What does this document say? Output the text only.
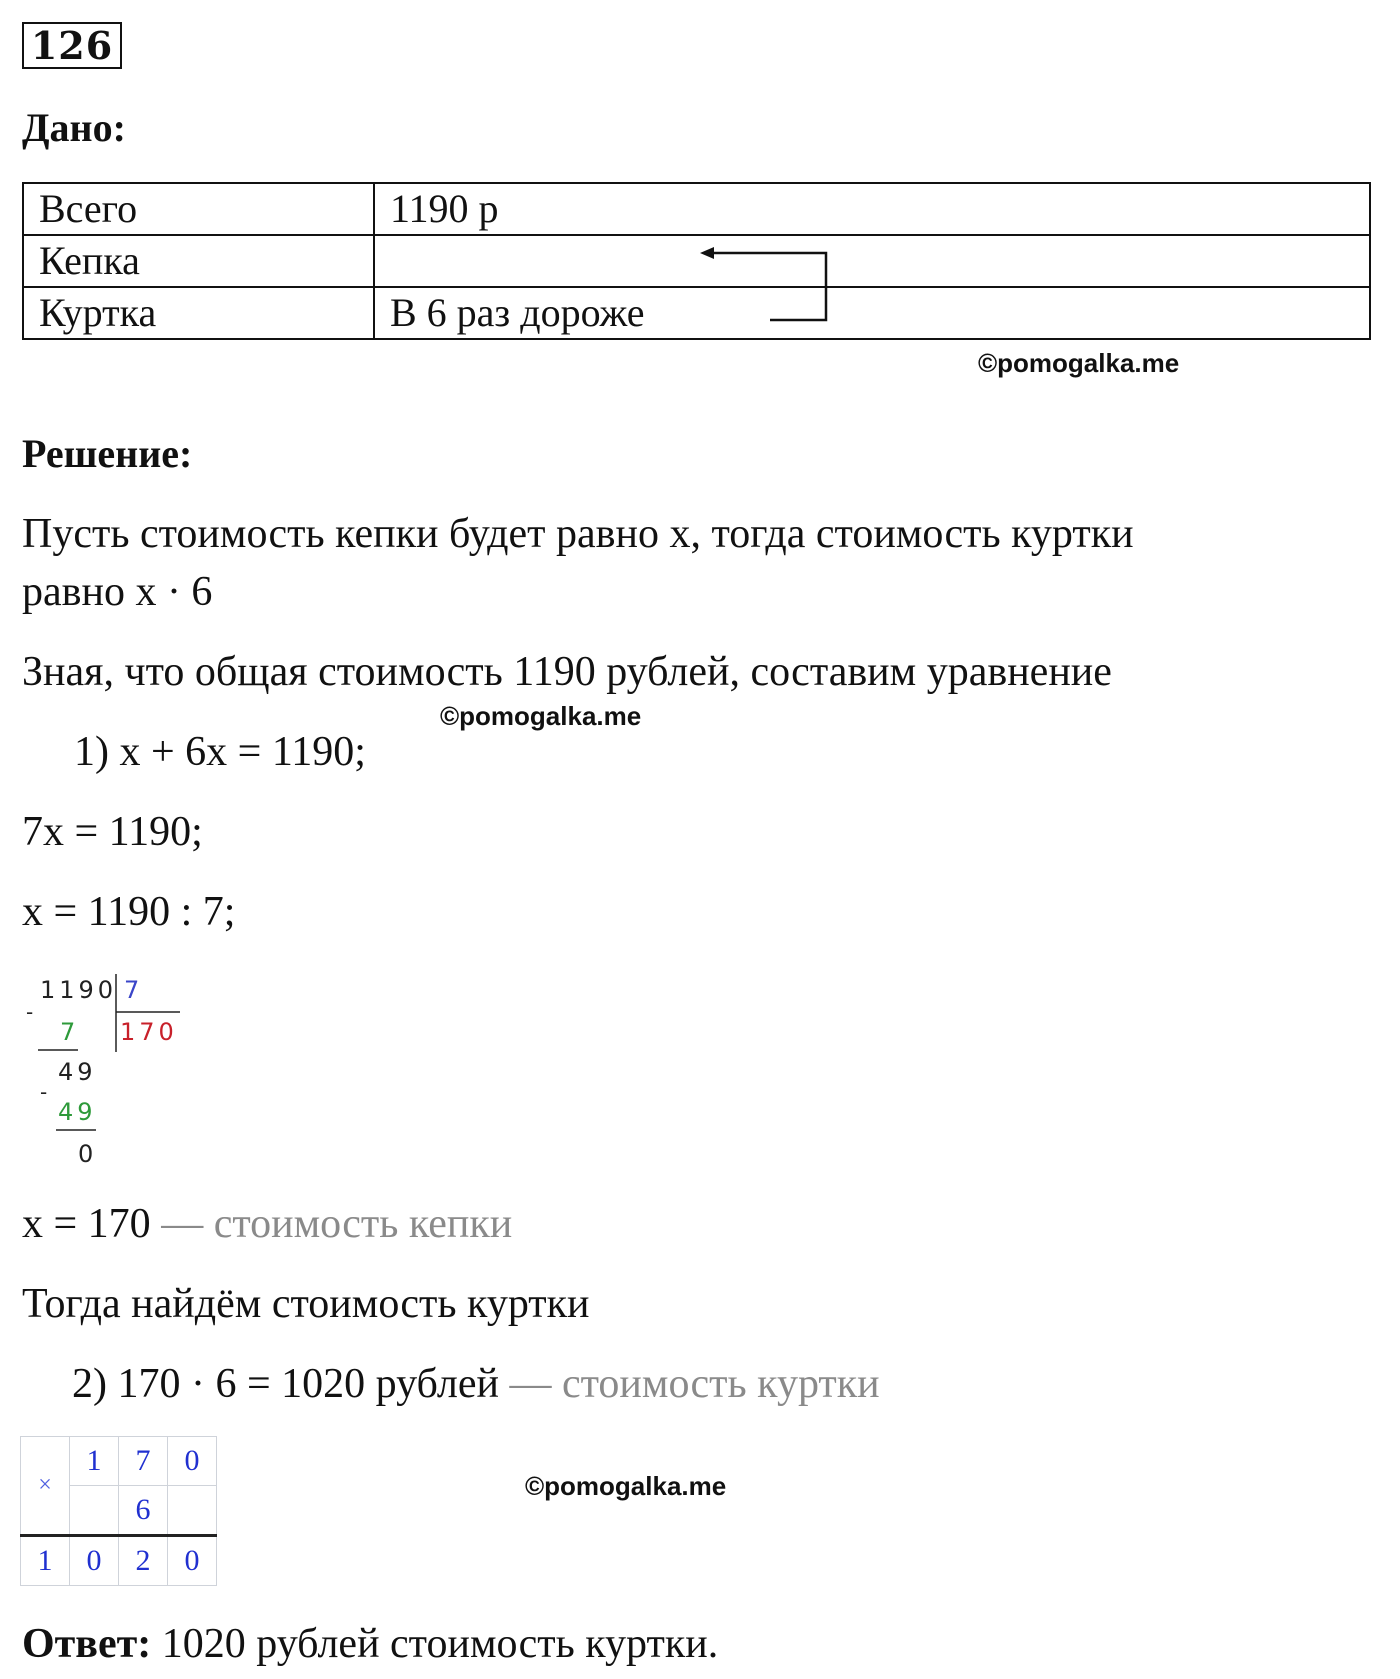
126
Дано:
Всего	1190 р
Кепка	
Куртка	В 6 раз дороже
©pomogalka.me
Решение:
Пусть стоимость кепки будет равно x, тогда стоимость куртки
равно x · 6
Зная, что общая стоимость 1190 рублей, составим уравнение
©pomogalka.me
1) x + 6x = 1190;
7x = 1190;
x = 1190 : 7;
1190 7
170
-
7
49
-
49
0
x = 170 — стоимость кепки
Тогда найдём стоимость куртки
2) 170 · 6 = 1020 рублей — стоимость куртки
×	1	7	0
		6	
1	0	2	0
©pomogalka.me
Ответ: 1020 рублей стоимость куртки.
